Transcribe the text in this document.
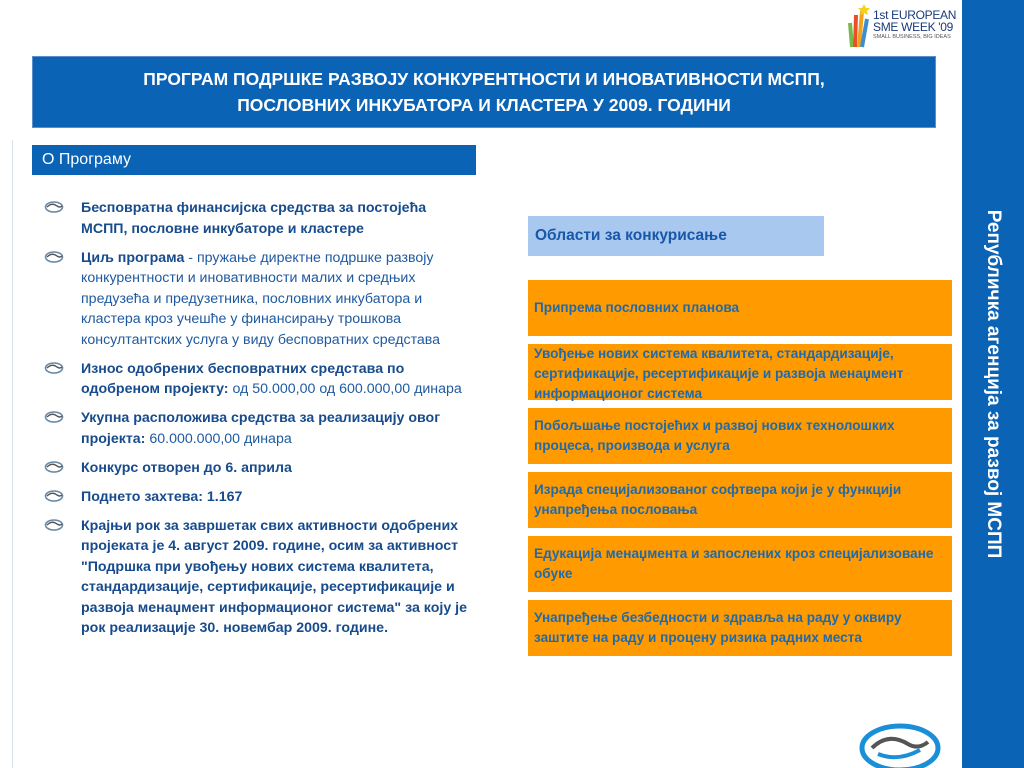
1st EUROPEAN
SME WEEK '09
SMALL BUSINESS, BIG IDEAS
Републичка агенција за развој МСПП
ПРОГРАМ ПОДРШКЕ РАЗВОЈУ КОНКУРЕНТНОСТИ И ИНОВАТИВНОСТИ МСПП,
ПОСЛОВНИХ ИНКУБАТОРА И КЛАСТЕРА У 2009. ГОДИНИ
О Програму
Бесповратна финансијска средства за постојећа МСПП, пословне инкубаторе и кластере
Циљ програма - пружање директне подршке развоју конкурентности и иновативности малих и средњих предузећа и предузетника, пословних инкубатора и кластера кроз учешће у финансирању трошкова консултантских услуга у виду бесповратних средстава
Износ одобрених бесповратних средстава по одобреном пројекту: од 50.000,00 од 600.000,00 динара
Укупна расположива средства за реализацију овог пројекта: 60.000.000,00 динара
Конкурс отворен до 6. априла
Поднето захтева: 1.167
Крајњи рок за завршетак свих активности одобрених пројеката је 4. август 2009. године, осим за активност "Подршка при увођењу нових система квалитета, стандардизације, сертификације, ресертификације и развоја менаџмент информационог система" за коју је рок реализације 30. новембар 2009. године.
Области за конкурисање
Припрема пословних планова
Увођење нових система квалитета, стандардизације, сертификације, ресертификације и развоја менаџмент информационог система
Побољшање постојећих и развој нових технолошких процеса, производа и услуга
Израда специјализованог софтвера који је у функцији унапређења пословања
Едукација менаџмента и запослених кроз специјализоване обуке
Унапређење безбедности и здравља на раду у оквиру заштите на раду и процену ризика радних места
